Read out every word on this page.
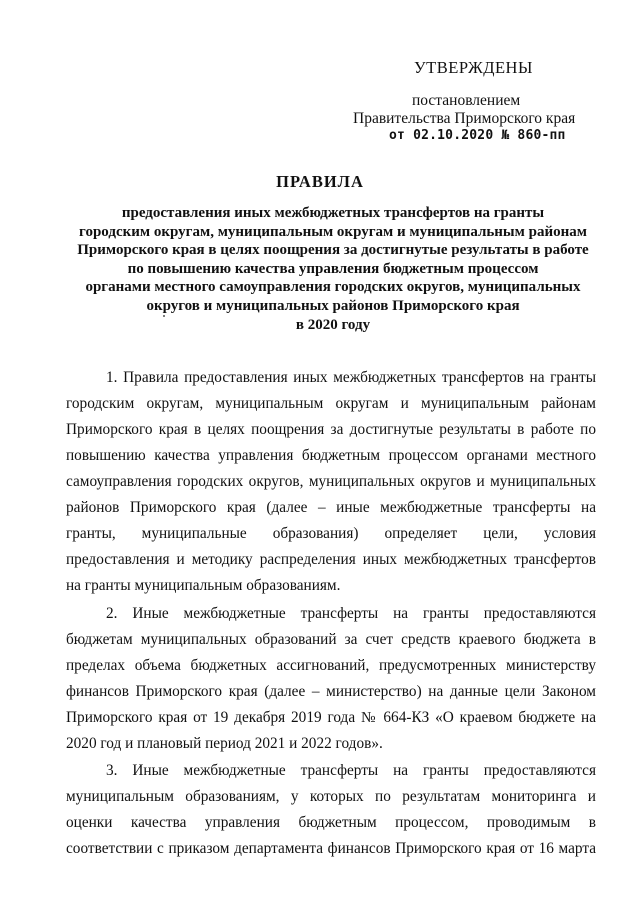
УТВЕРЖДЕНЫ
постановлением
Правительства Приморского края
от 02.10.2020 № 860-пп
ПРАВИЛА
предоставления иных межбюджетных трансфертов на гранты
городским округам, муниципальным округам и муниципальным районам
Приморского края в целях поощрения за достигнутые результаты в работе
по повышению качества управления бюджетным процессом
органами местного самоуправления городских округов, муниципальных
округов и муниципальных районов Приморского края
в 2020 году
1. Правила предоставления иных межбюджетных трансфертов на гранты
городским округам, муниципальным округам и муниципальным районам
Приморского края в целях поощрения за достигнутые результаты в работе по
повышению качества управления бюджетным процессом органами местного
самоуправления городских округов, муниципальных округов и муниципальных
районов Приморского края (далее – иные межбюджетные трансферты на
гранты, муниципальные образования) определяет цели, условия
предоставления и методику распределения иных межбюджетных трансфертов
на гранты муниципальным образованиям.
2. Иные межбюджетные трансферты на гранты предоставляются
бюджетам муниципальных образований за счет средств краевого бюджета в
пределах объема бюджетных ассигнований, предусмотренных министерству
финансов Приморского края (далее – министерство) на данные цели Законом
Приморского края от 19 декабря 2019 года № 664-КЗ «О краевом бюджете на
2020 год и плановый период 2021 и 2022 годов».
3. Иные межбюджетные трансферты на гранты предоставляются
муниципальным образованиям, у которых по результатам мониторинга и
оценки качества управления бюджетным процессом, проводимым в
соответствии с приказом департамента финансов Приморского края от 16 марта
